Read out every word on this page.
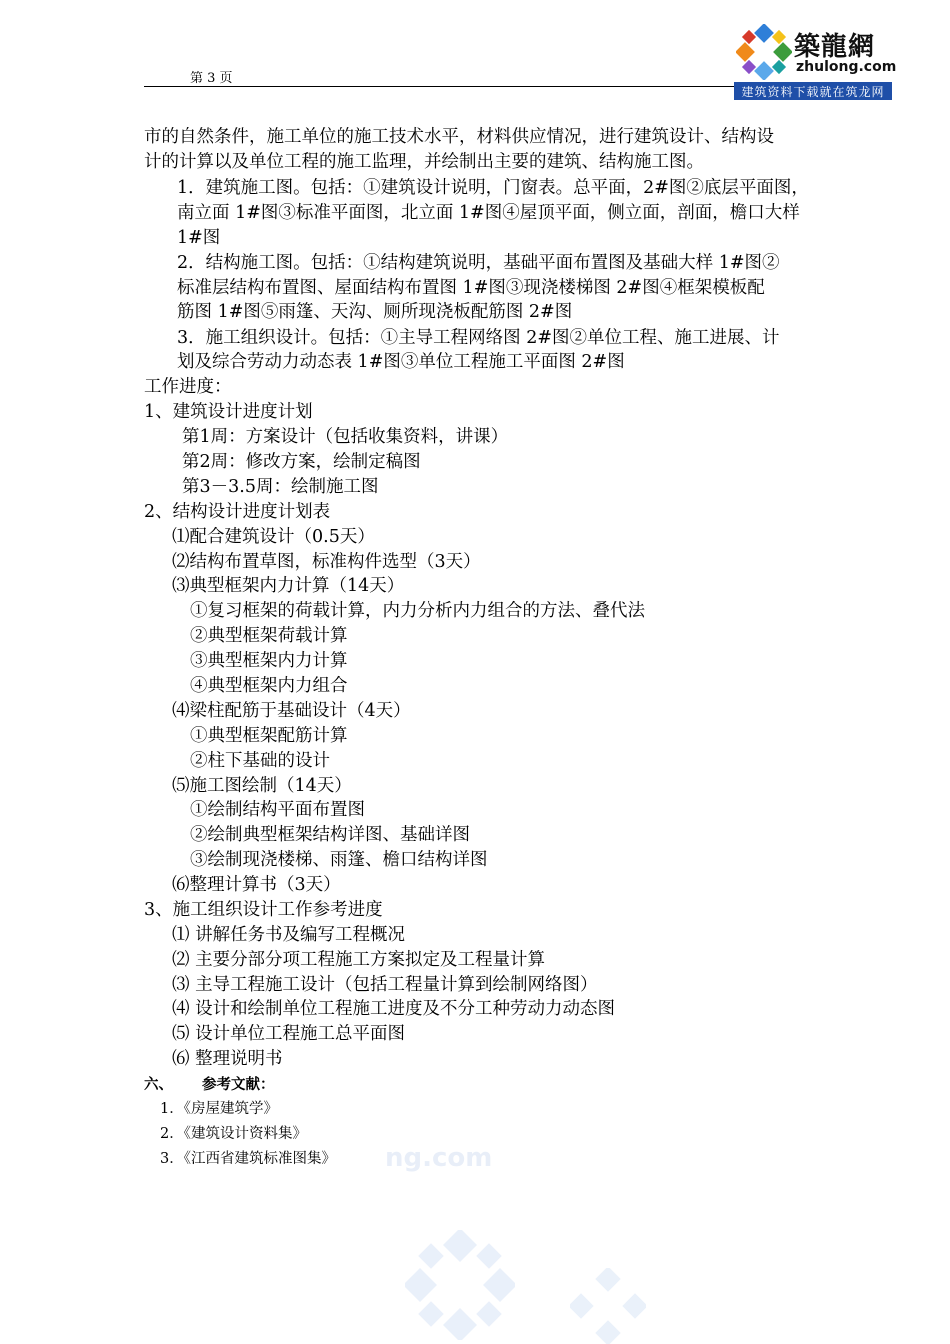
第 3 页
築龍網
zhulong.com
建筑资料下载就在筑龙网
市的自然条件，施工单位的施工技术水平，材料供应情况，进行建筑设计、结构设
计的计算以及单位工程的施工监理，并绘制出主要的建筑、结构施工图。
1．建筑施工图。包括：①建筑设计说明，门窗表。总平面，2#图②底层平面图，
南立面 1#图③标准平面图，北立面 1#图④屋顶平面，侧立面，剖面，檐口大样
1#图
2．结构施工图。包括：①结构建筑说明，基础平面布置图及基础大样 1#图②
标准层结构布置图、屋面结构布置图 1#图③现浇楼梯图 2#图④框架模板配
筋图 1#图⑤雨篷、天沟、厕所现浇板配筋图 2#图
3．施工组织设计。包括：①主导工程网络图 2#图②单位工程、施工进展、计
划及综合劳动力动态表 1#图③单位工程施工平面图 2#图
工作进度：
1、建筑设计进度计划
第1周：方案设计（包括收集资料，讲课）
第2周：修改方案，绘制定稿图
第3－3.5周：绘制施工图
2、结构设计进度计划表
⑴配合建筑设计（0.5天）
⑵结构布置草图，标准构件选型（3天）
⑶典型框架内力计算（14天）
①复习框架的荷载计算，内力分析内力组合的方法、叠代法
②典型框架荷载计算
③典型框架内力计算
④典型框架内力组合
⑷梁柱配筋于基础设计（4天）
①典型框架配筋计算
②柱下基础的设计
⑸施工图绘制（14天）
①绘制结构平面布置图
②绘制典型框架结构详图、基础详图
③绘制现浇楼梯、雨篷、檐口结构详图
⑹整理计算书（3天）
3、施工组织设计工作参考进度
⑴ 讲解任务书及编写工程概况
⑵ 主要分部分项工程施工方案拟定及工程量计算
⑶ 主导工程施工设计（包括工程量计算到绘制网络图）
⑷ 设计和绘制单位工程施工进度及不分工种劳动力动态图
⑸ 设计单位工程施工总平面图
⑹ 整理说明书
六、 参考文献：
1．《房屋建筑学》
2．《建筑设计资料集》
3．《江西省建筑标准图集》 ng.com
